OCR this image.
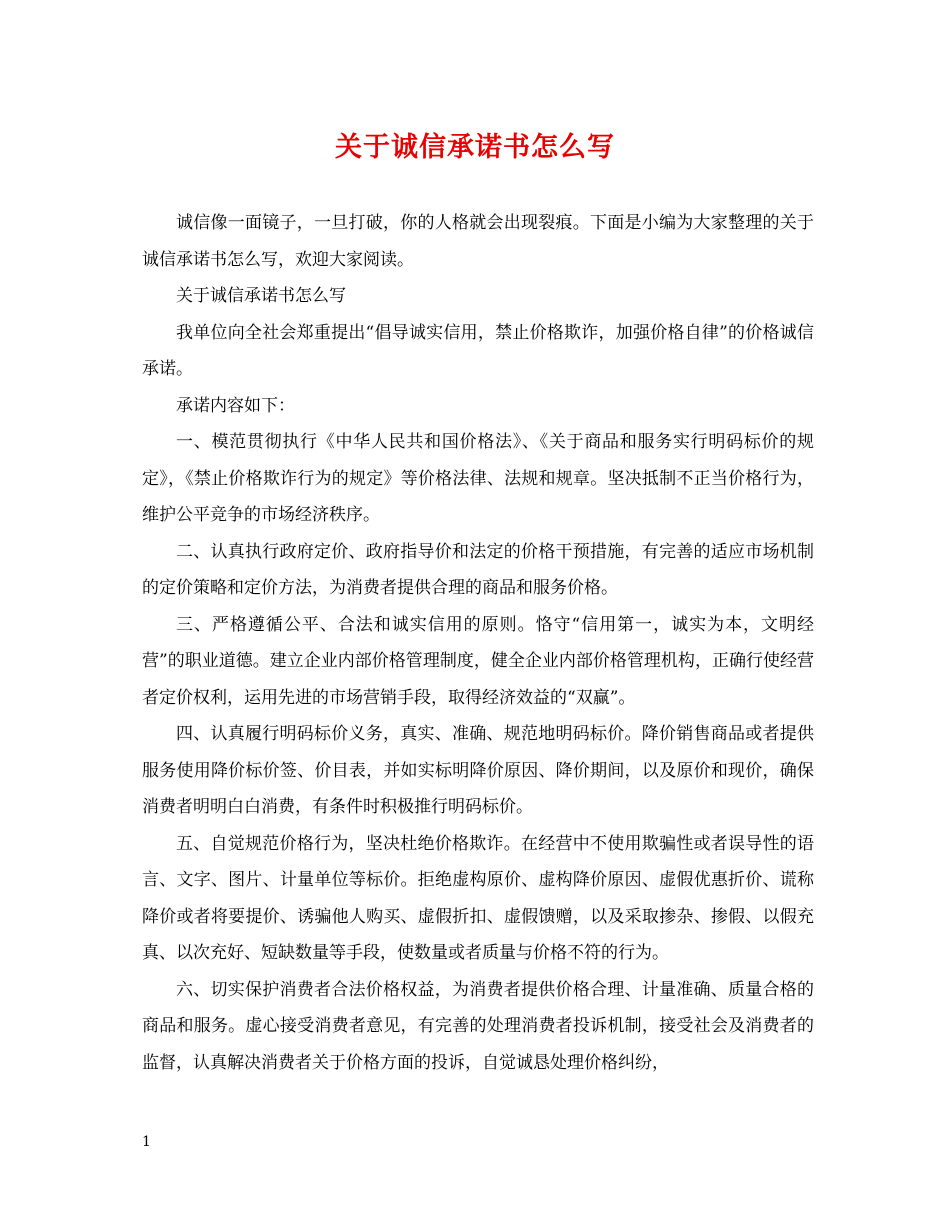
关于诚信承诺书怎么写

诚信像一面镜子，一旦打破，你的人格就会出现裂痕。下面是小编为大家整理的关于诚信承诺书怎么写，欢迎大家阅读。

关于诚信承诺书怎么写

我单位向全社会郑重提出“倡导诚实信用，禁止价格欺诈，加强价格自律”的价格诚信承诺。

承诺内容如下：

一、模范贯彻执行《中华人民共和国价格法》、《关于商品和服务实行明码标价的规定》，《禁止价格欺诈行为的规定》等价格法律、法规和规章。坚决抵制不正当价格行为，维护公平竞争的市场经济秩序。

二、认真执行政府定价、政府指导价和法定的价格干预措施，有完善的适应市场机制的定价策略和定价方法，为消费者提供合理的商品和服务价格。

三、严格遵循公平、合法和诚实信用的原则。恪守“信用第一，诚实为本，文明经营”的职业道德。建立企业内部价格管理制度，健全企业内部价格管理机构，正确行使经营者定价权利，运用先进的市场营销手段，取得经济效益的“双赢”。

四、认真履行明码标价义务，真实、准确、规范地明码标价。降价销售商品或者提供服务使用降价标价签、价目表，并如实标明降价原因、降价期间，以及原价和现价，确保消费者明明白白消费，有条件时积极推行明码标价。

五、自觉规范价格行为，坚决杜绝价格欺诈。在经营中不使用欺骗性或者误导性的语言、文字、图片、计量单位等标价。拒绝虚构原价、虚构降价原因、虚假优惠折价、谎称降价或者将要提价、诱骗他人购买、虚假折扣、虚假馈赠，以及采取掺杂、掺假、以假充真、以次充好、短缺数量等手段，使数量或者质量与价格不符的行为。

六、切实保护消费者合法价格权益，为消费者提供价格合理、计量准确、质量合格的商品和服务。虚心接受消费者意见，有完善的处理消费者投诉机制，接受社会及消费者的监督，认真解决消费者关于价格方面的投诉，自觉诚恳处理价格纠纷，

1
